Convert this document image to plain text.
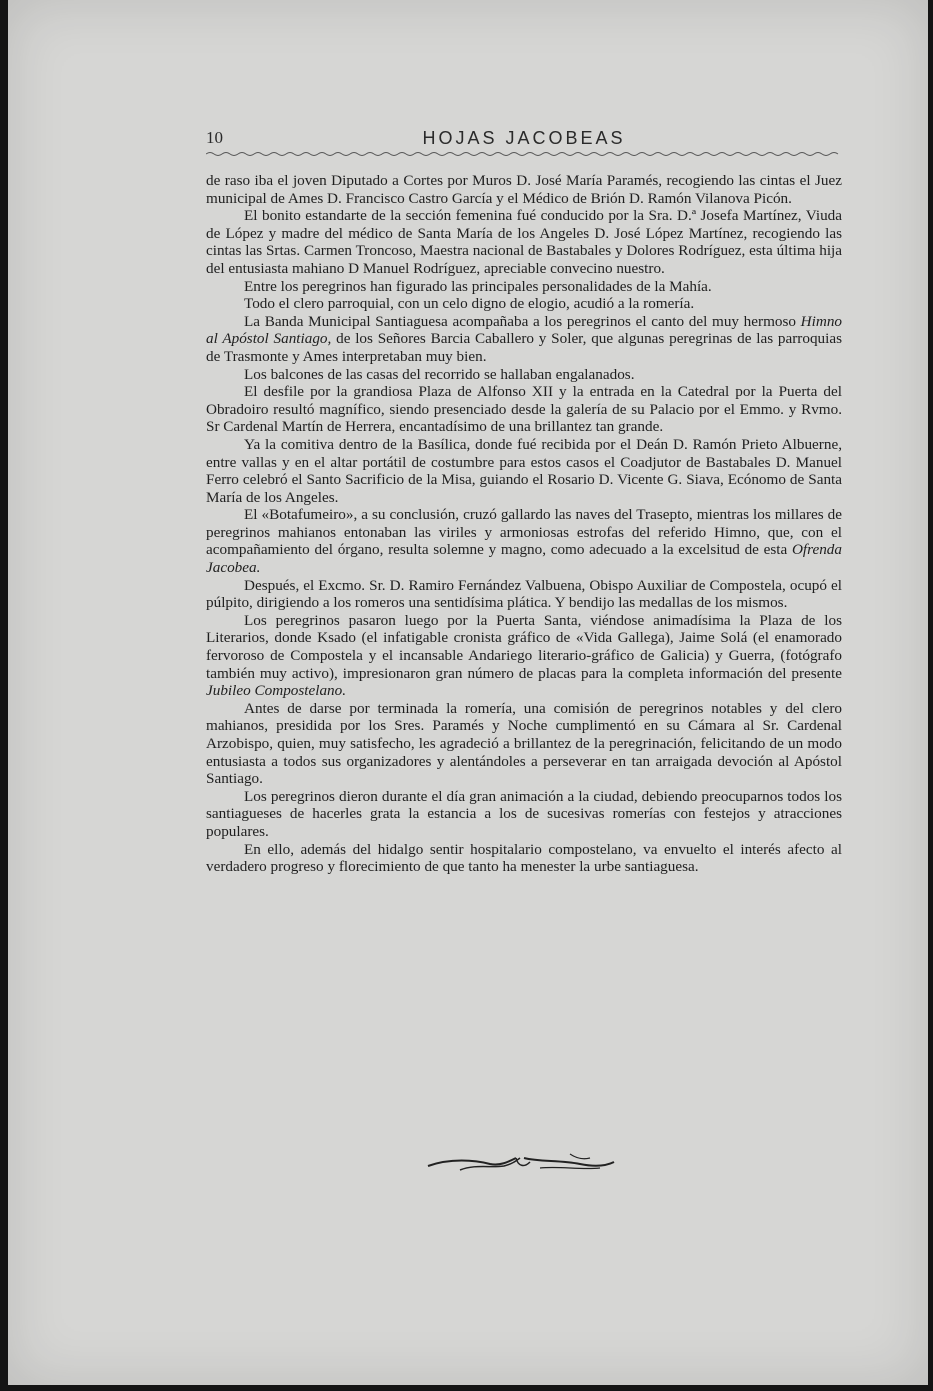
10	HOJAS JACOBEAS

de raso iba el joven Diputado a Cortes por Muros D. José María Paramés, recogiendo las cintas el Juez municipal de Ames D. Francisco Castro García y el Médico de Brión D. Ramón Vilanova Picón.

El bonito estandarte de la sección femenina fué conducido por la Sra. D.ª Josefa Martínez, Viuda de López y madre del médico de Santa María de los Angeles D. José López Martínez, recogiendo las cintas las Srtas. Carmen Troncoso, Maestra nacional de Bastabales y Dolores Rodríguez, esta última hija del entusiasta mahiano D Manuel Rodríguez, apreciable convecino nuestro.

Entre los peregrinos han figurado las principales personalidades de la Mahía.

Todo el clero parroquial, con un celo digno de elogio, acudió a la romería.

La Banda Municipal Santiaguesa acompañaba a los peregrinos el canto del muy hermoso Himno al Apóstol Santiago, de los Señores Barcia Caballero y Soler, que algunas peregrinas de las parroquias de Trasmonte y Ames interpretaban muy bien.

Los balcones de las casas del recorrido se hallaban engalanados.

El desfile por la grandiosa Plaza de Alfonso XII y la entrada en la Catedral por la Puerta del Obradoiro resultó magnífico, siendo presenciado desde la galería de su Palacio por el Emmo. y Rvmo. Sr Cardenal Martín de Herrera, encantadísimo de una brillantez tan grande.

Ya la comitiva dentro de la Basílica, donde fué recibida por el Deán D. Ramón Prieto Albuerne, entre vallas y en el altar portátil de costumbre para estos casos el Coadjutor de Bastabales D. Manuel Ferro celebró el Santo Sacrificio de la Misa, guiando el Rosario D. Vicente G. Siava, Ecónomo de Santa María de los Angeles.

El «Botafumeiro», a su conclusión, cruzó gallardo las naves del Trasepto, mientras los millares de peregrinos mahianos entonaban las viriles y armoniosas estrofas del referido Himno, que, con el acompañamiento del órgano, resulta solemne y magno, como adecuado a la excelsitud de esta Ofrenda Jacobea.

Después, el Excmo. Sr. D. Ramiro Fernández Valbuena, Obispo Auxiliar de Compostela, ocupó el púlpito, dirigiendo a los romeros una sentidísima plática. Y bendijo las medallas de los mismos.

Los peregrinos pasaron luego por la Puerta Santa, viéndose animadísima la Plaza de los Literarios, donde Ksado (el infatigable cronista gráfico de «Vida Gallega), Jaime Solá (el enamorado fervoroso de Compostela y el incansable Andariego literario-gráfico de Galicia) y Guerra, (fotógrafo también muy activo), impresionaron gran número de placas para la completa información del presente Jubileo Compostelano.

Antes de darse por terminada la romería, una comisión de peregrinos notables y del clero mahianos, presidida por los Sres. Paramés y Noche cumplimentó en su Cámara al Sr. Cardenal Arzobispo, quien, muy satisfecho, les agradeció a brillantez de la peregrinación, felicitando de un modo entusiasta a todos sus organizadores y alentándoles a perseverar en tan arraigada devoción al Apóstol Santiago.

Los peregrinos dieron durante el día gran animación a la ciudad, debiendo preocuparnos todos los santiagueses de hacerles grata la estancia a los de sucesivas romerías con festejos y atracciones populares.

En ello, además del hidalgo sentir hospitalario compostelano, va envuelto el interés afecto al verdadero progreso y florecimiento de que tanto ha menester la urbe santiaguesa.
